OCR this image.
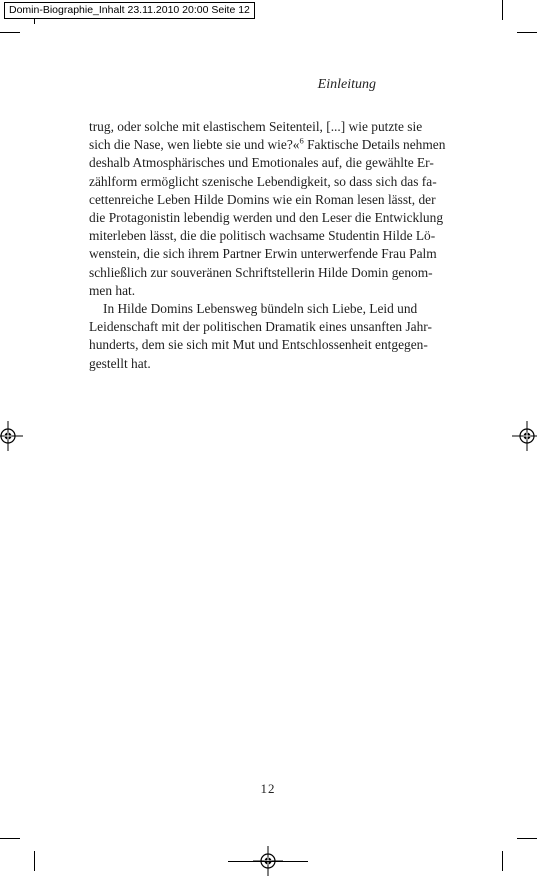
Domin-Biographie_Inhalt 23.11.2010 20:00 Seite 12
Einleitung

trug, oder solche mit elastischem Seitenteil, [...] wie putzte sie
sich die Nase, wen liebte sie und wie?«$^6$ Faktische Details nehmen
deshalb Atmosphärisches und Emotionales auf, die gewählte Er-
zählform ermöglicht szenische Lebendigkeit, so dass sich das fa-
cettenreiche Leben Hilde Domins wie ein Roman lesen lässt, der
die Protagonistin lebendig werden und den Leser die Entwicklung
miterleben lässt, die die politisch wachsame Studentin Hilde Lö-
wenstein, die sich ihrem Partner Erwin unterwerfende Frau Palm
schließlich zur souveränen Schriftstellerin Hilde Domin genom-
men hat.

In Hilde Domins Lebensweg bündeln sich Liebe, Leid und
Leidenschaft mit der politischen Dramatik eines unsanften Jahr-
hunderts, dem sie sich mit Mut und Entschlossenheit entgegen-
gestellt hat.

12
